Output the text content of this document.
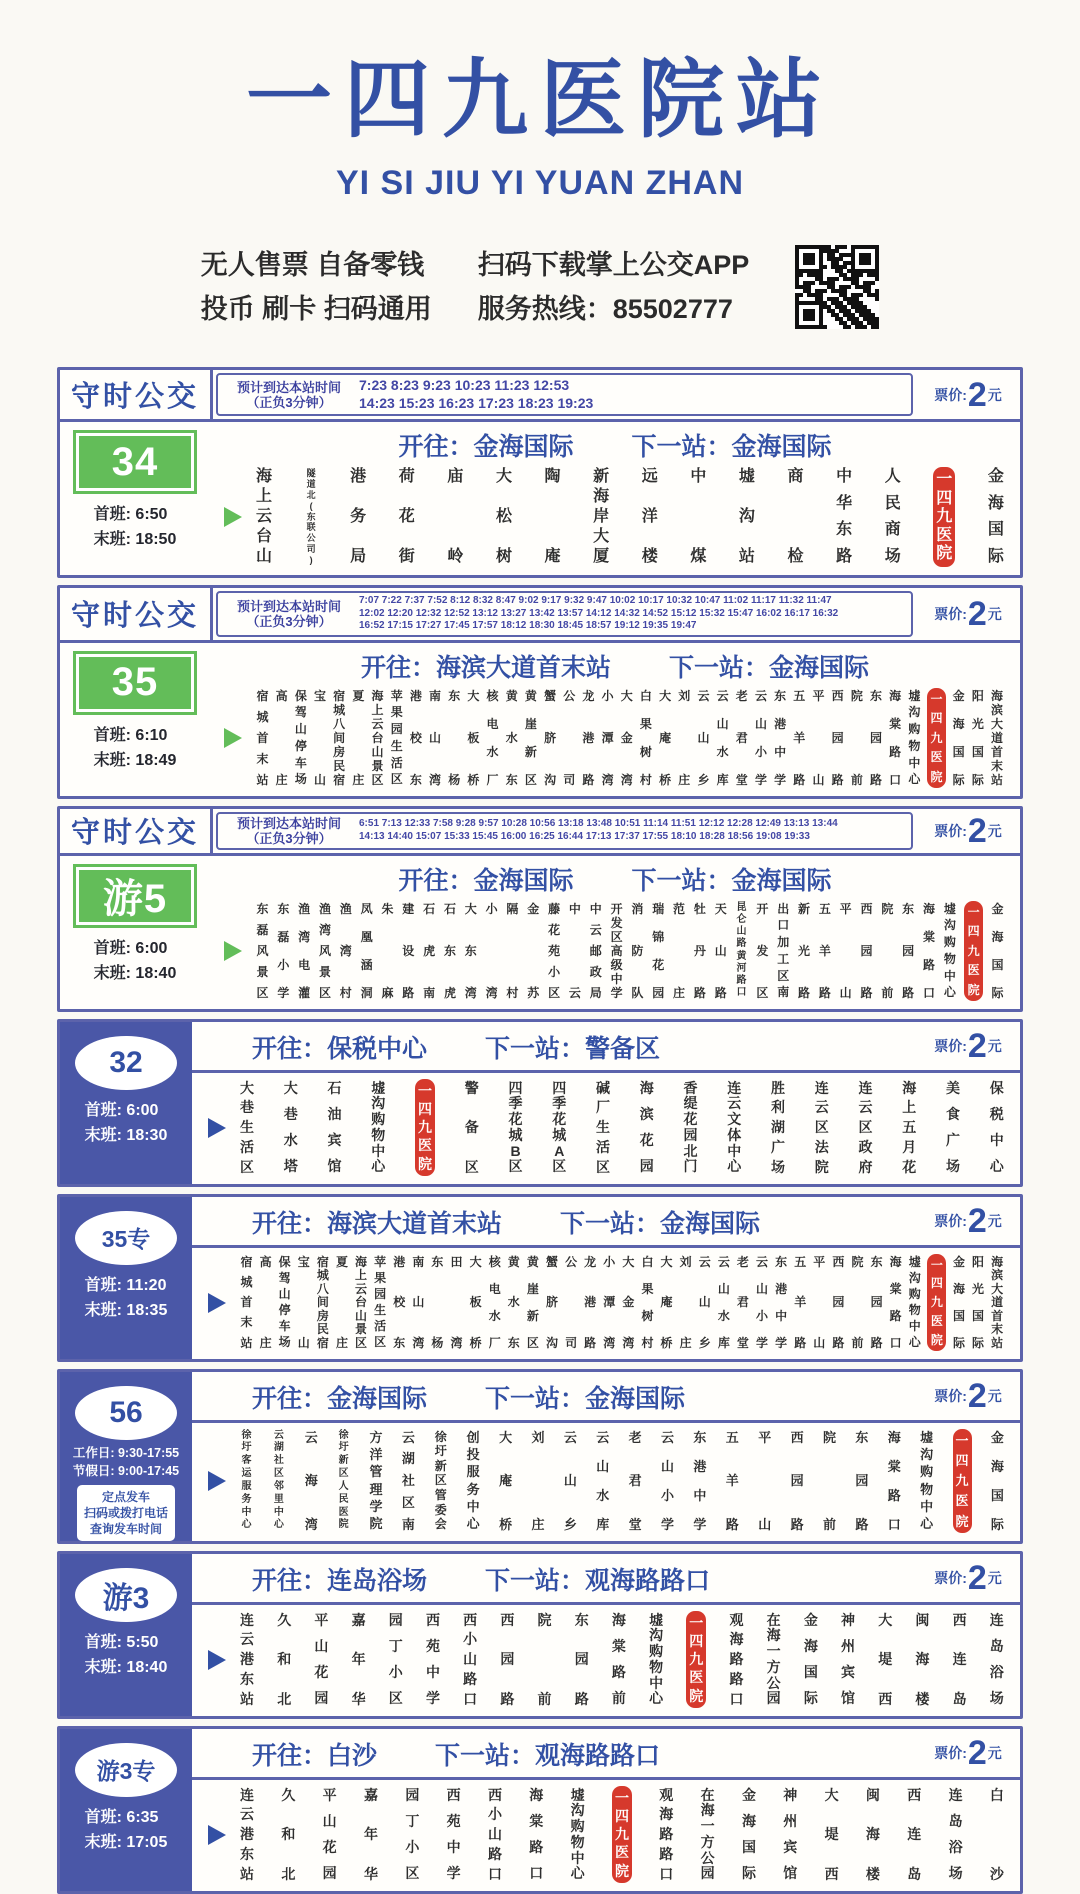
一四九医院站
YI SI JIU YI YUAN ZHAN
无人售票 自备零钱
投币 刷卡 扫码通用
扫码下载掌上公交APP
服务热线：85502777
守时公交	预计到达本站时间
（正负3分钟）
7:23 8:23 9:23 10:23 11:23 12:53
14:23 15:23 16:23 17:23 18:23 19:23	票价: 2 元
34
首班: 6:50
末班: 18:50
开往：金海国际 下一站：金海国际
海
上
云
台
山
隧
道
北
(
东
联
公
司
)
港
务
局
荷
花
街
庙
岭
大
松
树
陶
庵
新
海
岸
大
厦
远
洋
楼
中
煤
墟
沟
站
商
检
中
华
东
路
人
民
商
场
一
四
九
医
院
金
海
国
际
守时公交	预计到达本站时间
（正负3分钟）
7:07 7:22 7:37 7:52 8:12 8:32 8:47 9:02 9:17 9:32 9:47 10:02 10:17 10:32 10:47 11:02 11:17 11:32 11:47
12:02 12:20 12:32 12:52 13:12 13:27 13:42 13:57 14:12 14:32 14:52 15:12 15:32 15:47 16:02 16:17 16:32
16:52 17:15 17:27 17:45 17:57 18:12 18:30 18:45 18:57 19:12 19:35 19:47
票价: 2 元
35
首班: 6:10
末班: 18:49
开往：海滨大道首末站 下一站：金海国际
宿
城
首
末
站
高
庄
保
驾
山
停
车
场
宝
山
宿
城
八
间
房
民
宿
夏
庄
海
上
云
台
山
景
区
苹
果
园
生
活
区
港
校
东
南
山
湾
东
杨
大
板
桥
核
电
水
厂
黄
水
东
黄
崖
新
区
蟹
脐
沟
公
司
龙
港
路
小
潭
湾
大
金
湾
白
果
树
村
大
庵
桥
刘
庄
云
山
乡
云
山
水
库
老
君
堂
云
山
小
学
东
港
中
学
五
羊
路
平
山
西
园
路
院
前
东
园
路
海
棠
路
口
墟
沟
购
物
中
心
一
四
九
医
院
金
海
国
际
阳
光
国
际
海
滨
大
道
首
末
站
守时公交	预计到达本站时间
（正负3分钟）
6:51 7:13 12:33 7:58 9:28 9:57 10:28 10:56 13:18 13:48 10:51 11:14 11:51 12:12 12:28 12:49 13:13 13:44
14:13 14:40 15:07 15:33 15:45 16:00 16:25 16:44 17:13 17:37 17:55 18:10 18:28 18:56 19:08 19:33	票价: 2 元
游5
首班: 6:00
末班: 18:40
开往：金海国际 下一站：金海国际
东
磊
风
景
区
东
磊
小
学
渔
湾
电
灌
渔
湾
风
景
区
渔
湾
村
凤
凰
涵
洞
朱
麻
建
设
路
石
虎
南
石
东
虎
大
东
湾
小
湾
隔
村
金
苏
藤
花
苑
小
区
中
云
中
云
邮
政
局
开
发
区
高
级
中
学
消
防
队
瑞
锦
花
园
范
庄
牡
丹
路
天
山
路
昆
仑
山
路
黄
河
路
口
开
发
区
出
口
加
工
区
南
新
光
路
五
羊
路
平
山
西
园
路
院
前
东
园
路
海
棠
路
口
墟
沟
购
物
中
心
一
四
九
医
院
金
海
国
际
32
首班: 6:00
末班: 18:30
开往：保税中心 下一站：警备区	票价: 2 元
大
巷
生
活
区
大
巷
水
塔
石
油
宾
馆
墟
沟
购
物
中
心
一
四
九
医
院
警
备
区
四
季
花
城
B
区
四
季
花
城
A
区
碱
厂
生
活
区
海
滨
花
园
香
缇
花
园
北
门
连
云
文
体
中
心
胜
利
湖
广
场
连
云
区
法
院
连
云
区
政
府
海
上
五
月
花
美
食
广
场
保
税
中
心
35专
首班: 11:20
末班: 18:35
开往：海滨大道首末站 下一站：金海国际	票价: 2 元
宿
城
首
末
站
高
庄
保
驾
山
停
车
场
宝
山
宿
城
八
间
房
民
宿
夏
庄
海
上
云
台
山
景
区
苹
果
园
生
活
区
港
校
东
南
山
湾
东
杨
田
湾
大
板
桥
核
电
水
厂
黄
水
东
黄
崖
新
区
蟹
脐
沟
公
司
龙
港
路
小
潭
湾
大
金
湾
白
果
树
村
大
庵
桥
刘
庄
云
山
乡
云
山
水
库
老
君
堂
云
山
小
学
东
港
中
学
五
羊
路
平
山
西
园
路
院
前
东
园
路
海
棠
路
口
墟
沟
购
物
中
心
一
四
九
医
院
金
海
国
际
阳
光
国
际
海
滨
大
道
首
末
站
56
工作日: 9:30-17:55
节假日: 9:00-17:45
定点发车
扫码或拨打电话
查询发车时间
开往：金海国际 下一站：金海国际	票价: 2 元
徐
圩
客
运
服
务
中
心
云
湖
社
区
邻
里
中
心
云
海
湾
徐
圩
新
区
人
民
医
院
方
洋
管
理
学
院
云
湖
社
区
南
徐
圩
新
区
管
委
会
创
投
服
务
中
心
大
庵
桥
刘
庄
云
山
乡
云
山
水
库
老
君
堂
云
山
小
学
东
港
中
学
五
羊
路
平
山
西
园
路
院
前
东
园
路
海
棠
路
口
墟
沟
购
物
中
心
一
四
九
医
院
金
海
国
际
游3
首班: 5:50
末班: 18:40
开往：连岛浴场 下一站：观海路路口	票价: 2 元
连
云
港
东
站
久
和
北
平
山
花
园
嘉
年
华
园
丁
小
区
西
苑
中
学
西
小
山
路
口
西
园
路
院
前
东
园
路
海
棠
路
前
墟
沟
购
物
中
心
一
四
九
医
院
观
海
路
路
口
在
海
一
方
公
园
金
海
国
际
神
州
宾
馆
大
堤
西
闽
海
楼
西
连
岛
连
岛
浴
场
游3专
首班: 6:35
末班: 17:05
开往：白沙 下一站：观海路路口	票价: 2 元
连
云
港
东
站
久
和
北
平
山
花
园
嘉
年
华
园
丁
小
区
西
苑
中
学
西
小
山
路
口
海
棠
路
口
墟
沟
购
物
中
心
一
四
九
医
院
观
海
路
路
口
在
海
一
方
公
园
金
海
国
际
神
州
宾
馆
大
堤
西
闽
海
楼
西
连
岛
连
岛
浴
场
白
沙
